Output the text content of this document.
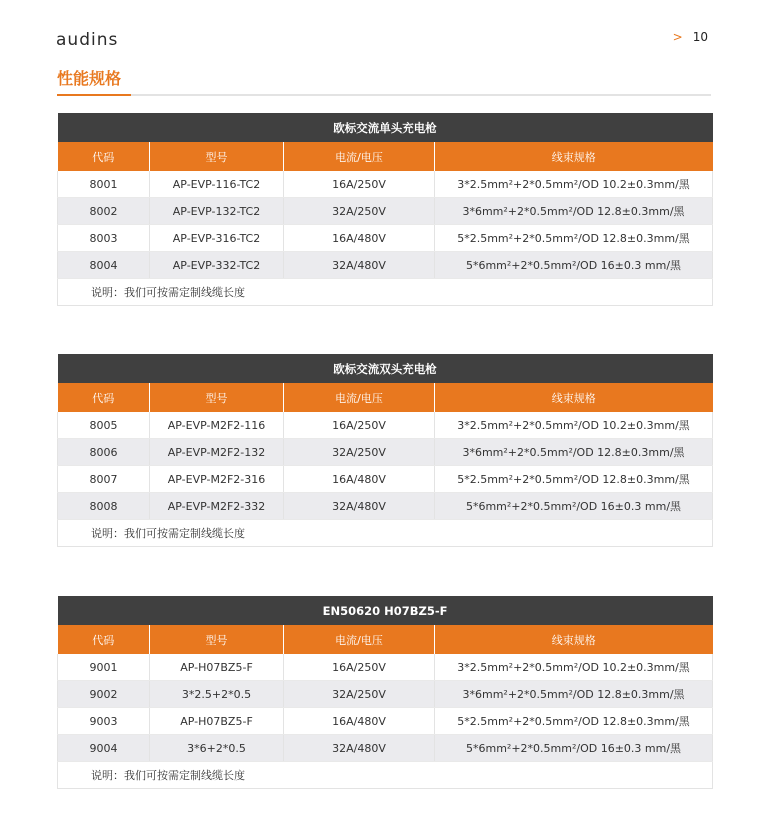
audins	> 10
性能规格
欧标交流单头充电枪			
代码	型号	电流/电压	线束规格
8001	AP-EVP-116-TC2	16A/250V	3*2.5mm²+2*0.5mm²/OD 10.2±0.3mm/黑
8002	AP-EVP-132-TC2	32A/250V	3*6mm²+2*0.5mm²/OD 12.8±0.3mm/黑
8003	AP-EVP-316-TC2	16A/480V	5*2.5mm²+2*0.5mm²/OD 12.8±0.3mm/黑
8004	AP-EVP-332-TC2	32A/480V	5*6mm²+2*0.5mm²/OD 16±0.3 mm/黑
说明：我们可按需定制线缆长度			
欧标交流双头充电枪			
代码	型号	电流/电压	线束规格
8005	AP-EVP-M2F2-116	16A/250V	3*2.5mm²+2*0.5mm²/OD 10.2±0.3mm/黑
8006	AP-EVP-M2F2-132	32A/250V	3*6mm²+2*0.5mm²/OD 12.8±0.3mm/黑
8007	AP-EVP-M2F2-316	16A/480V	5*2.5mm²+2*0.5mm²/OD 12.8±0.3mm/黑
8008	AP-EVP-M2F2-332	32A/480V	5*6mm²+2*0.5mm²/OD 16±0.3 mm/黑
说明：我们可按需定制线缆长度			
EN50620 H07BZ5-F			
代码	型号	电流/电压	线束规格
9001	AP-H07BZ5-F	16A/250V	3*2.5mm²+2*0.5mm²/OD 10.2±0.3mm/黑
9002	3*2.5+2*0.5	32A/250V	3*6mm²+2*0.5mm²/OD 12.8±0.3mm/黑
9003	AP-H07BZ5-F	16A/480V	5*2.5mm²+2*0.5mm²/OD 12.8±0.3mm/黑
9004	3*6+2*0.5	32A/480V	5*6mm²+2*0.5mm²/OD 16±0.3 mm/黑
说明：我们可按需定制线缆长度			
